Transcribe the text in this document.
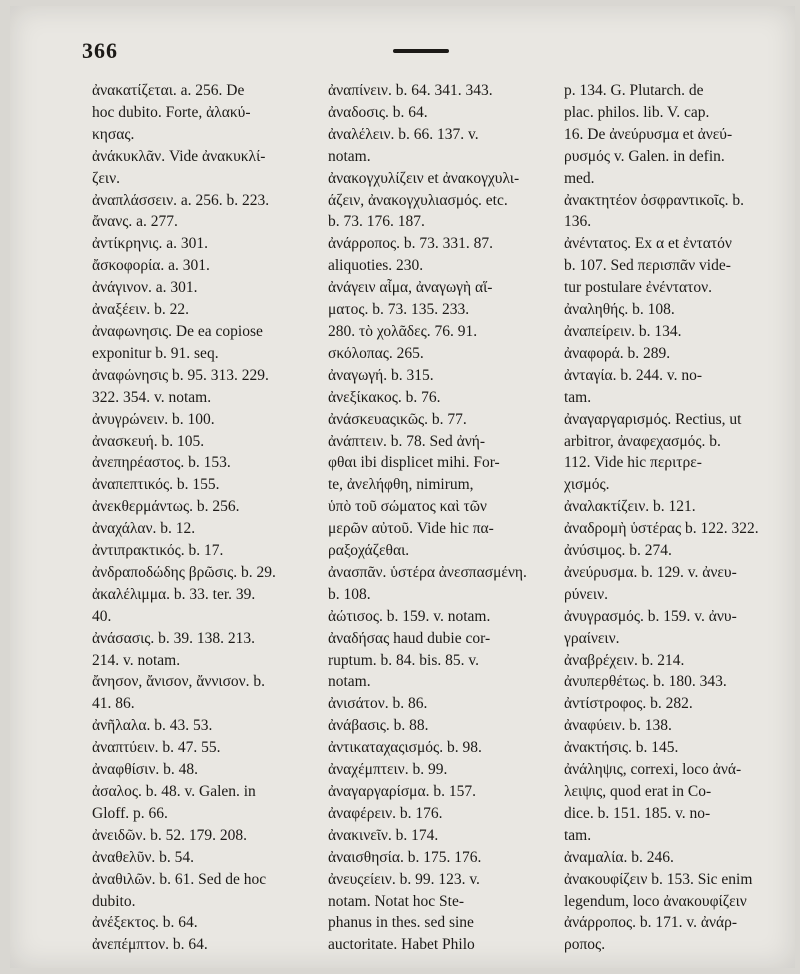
366
ἀνακατίζεται. a. 256. De
hoc dubito. Forte, ἀλακύ-
κησας.
ἀνάκυκλᾶν. Vide ἀνακυκλί-
ζειν.
ἀναπλάσσειν. a. 256. b. 223.
ἄνανς. a. 277.
ἀντίκρηνις. a. 301.
ἄσκοφορία. a. 301.
ἀνάγινον. a. 301.
ἀναξέειν. b. 22.
ἀναφωνησις. De ea copiose
exponitur b. 91. seq.
ἀναφώνησις b. 95. 313. 229.
322. 354. v. notam.
ἀνυγρώνειν. b. 100.
ἀνασκευή. b. 105.
ἀνεπηρέαστος. b. 153.
ἀναπεπτικός. b. 155.
ἀνεκθερμάντως. b. 256.
ἀναχάλαν. b. 12.
ἀντιπρακτικός. b. 17.
ἀνδραποδώδης βρῶσις. b. 29.
ἀκαλέλιμμα. b. 33. ter. 39.
40.
ἀνάσασις. b. 39. 138. 213.
214. v. notam.
ἄνησον, ἄνισον, ἄννισον. b.
41. 86.
ἀνῆλαλα. b. 43. 53.
ἀναπτύειν. b. 47. 55.
ἀναφθίσιν. b. 48.
ἀσαλος. b. 48. v. Galen. in
Gloff. p. 66.
ἀνειδῶν. b. 52. 179. 208.
ἀναθελῦν. b. 54.
ἀναθιλῶν. b. 61. Sed de hoc
dubito.
ἀνέξεκτος. b. 64.
ἀνεπέμπτον. b. 64.
ἀναπίνειν. b. 64. 341. 343.
ἀναδοσις. b. 64.
ἀναλέλειν. b. 66. 137. v.
notam.
ἀνακογχυλίζειν et ἀνακογχυλι-
άζειν, ἀνακογχυλιασμός. etc.
b. 73. 176. 187.
ἀνάρροπος. b. 73. 331. 87.
aliquoties. 230.
ἀνάγειν αἷμα, ἀναγωγὴ αἵ-
ματος. b. 73. 135. 233.
280. τὸ χολᾶδες. 76. 91.
σκόλοπας. 265.
ἀναγωγή. b. 315.
ἀνεξίκακος. b. 76.
ἀνάσκευαςικῶς. b. 77.
ἀνάπτειν. b. 78. Sed ἀνή-
φθαι ibi displicet mihi. For-
te, ἀνελήφθη, nimirum,
ὑπὸ τοῦ σώματος καὶ τῶν
μερῶν αὐτοῦ. Vide hic πα-
ραξοχάζεθαι.
ἀνασπᾶν. ὑστέρα ἀνεσπασμένη.
b. 108.
ἀώτισος. b. 159. v. notam.
ἀναδήσας haud dubie cor-
ruptum. b. 84. bis. 85. v.
notam.
ἀνισάτον. b. 86.
ἀνάβασις. b. 88.
ἀντικαταχαςισμός. b. 98.
ἀναχέμπτειν. b. 99.
ἀναγαργαρίσμα. b. 157.
ἀναφέρειν. b. 176.
ἀνακινεῖν. b. 174.
ἀναισθησία. b. 175. 176.
ἀνευςείειν. b. 99. 123. v.
notam. Notat hoc Ste-
phanus in thes. sed sine
auctoritate. Habet Philo
p. 134. G. Plutarch. de
plac. philos. lib. V. cap.
16. De ἀνεύρυσμα et ἀνεύ-
ρυσμός v. Galen. in defin.
med.
ἀνακτητέον ὀσφραντικοῖς. b.
136.
ἀνέντατος. Ex α et ἐντατόν
b. 107. Sed περισπᾶν vide-
tur postulare ἐνέντατον.
ἀναληθής. b. 108.
ἀναπείρειν. b. 134.
ἀναφορά. b. 289.
ἀνταγία. b. 244. v. no-
tam.
ἀναγαργαρισμός. Rectius, ut
arbitror, ἀναφεχασμός. b.
112. Vide hic περιτρε-
χισμός.
ἀναλακτίζειν. b. 121.
ἀναδρομὴ ὑστέρας b. 122. 322.
ἀνύσιμος. b. 274.
ἀνεύρυσμα. b. 129. v. ἀνευ-
ρύνειν.
ἀνυγρασμός. b. 159. v. ἀνυ-
γραίνειν.
ἀναβρέχειν. b. 214.
ἀνυπερθέτως. b. 180. 343.
ἀντίστροφος. b. 282.
ἀναφύειν. b. 138.
ἀνακτήσις. b. 145.
ἀνάληψις, correxi, loco ἀνά-
λειψις, quod erat in Co-
dice. b. 151. 185. v. no-
tam.
ἀναμαλία. b. 246.
ἀνακουφίζειν b. 153. Sic enim
legendum, loco ἀνακουφίζειν
ἀνάρροπος. b. 171. v. ἀνάρ-
ροπος.
